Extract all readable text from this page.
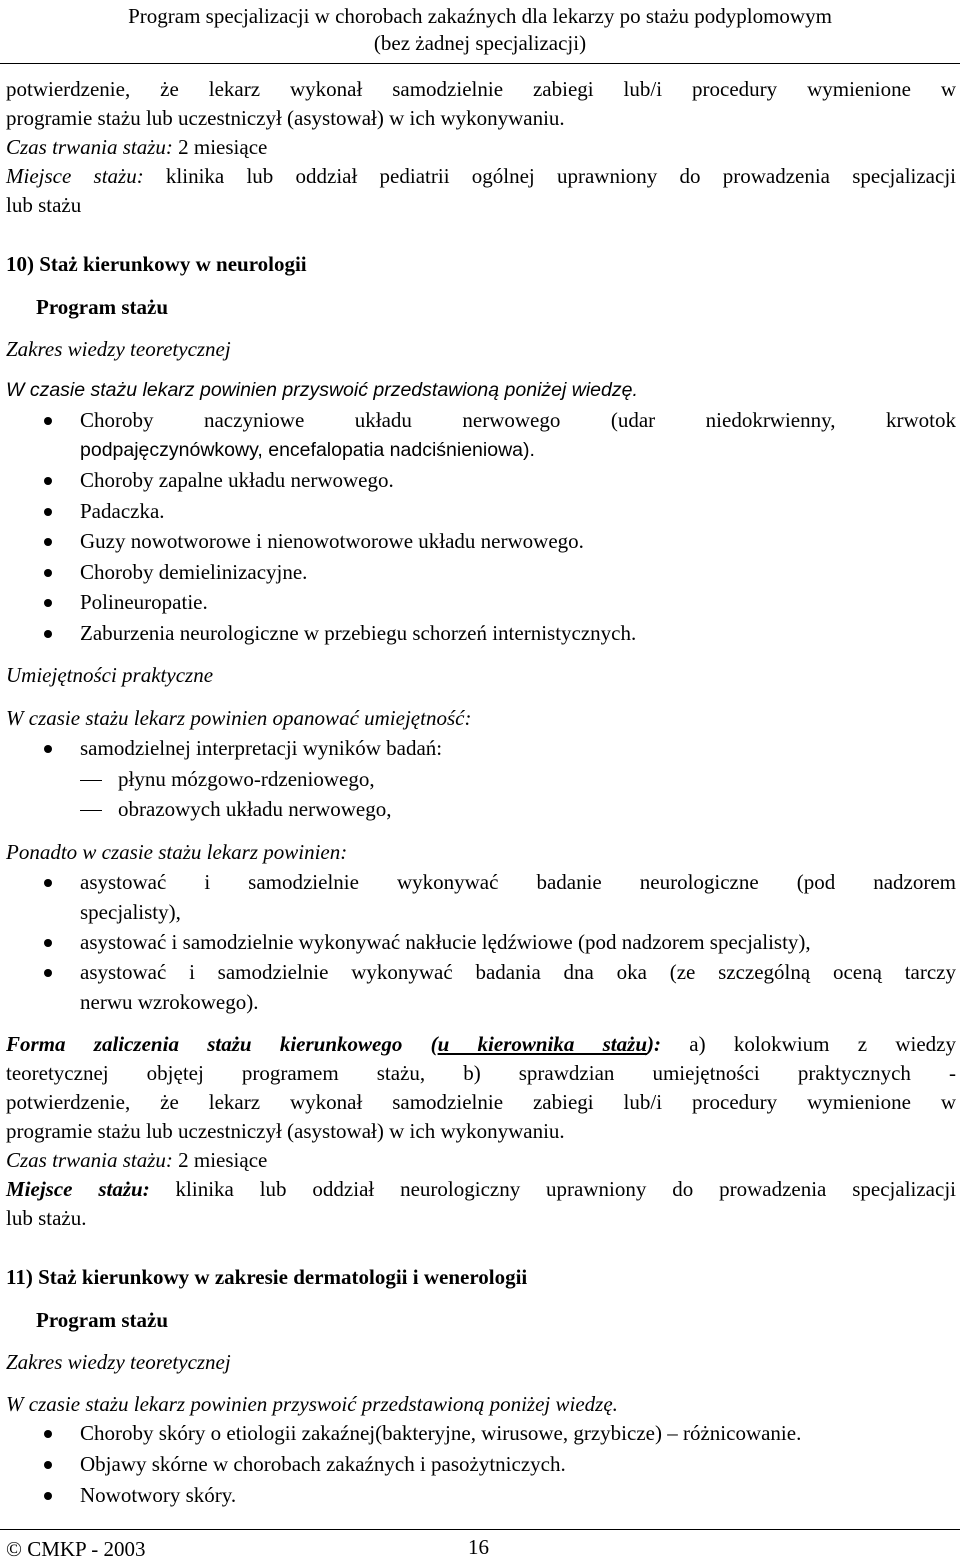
Program specjalizacji w chorobach zakaźnych dla lekarzy po stażu podyplomowym
(bez żadnej specjalizacji)
potwierdzenie, że lekarz wykonał samodzielnie zabiegi lub/i procedury wymienione w
programie stażu lub uczestniczył (asystował) w ich wykonywaniu.
Czas trwania stażu: 2 miesiące
Miejsce stażu: klinika lub oddział pediatrii ogólnej uprawniony do prowadzenia specjalizacji
lub stażu
10) Staż kierunkowy w neurologii
Program stażu
Zakres wiedzy teoretycznej
W czasie stażu lekarz powinien przyswoić przedstawioną poniżej wiedzę.
Choroby naczyniowe układu nerwowego (udar niedokrwienny, krwotok
podpajęczynówkowy, encefalopatia nadciśnieniowa).
Choroby zapalne układu nerwowego.
Padaczka.
Guzy nowotworowe i nienowotworowe układu nerwowego.
Choroby demielinizacyjne.
Polineuropatie.
Zaburzenia neurologiczne w przebiegu schorzeń internistycznych.
Umiejętności praktyczne
W czasie stażu lekarz powinien opanować umiejętność:
samodzielnej interpretacji wyników badań:
płynu mózgowo-rdzeniowego,
obrazowych układu nerwowego,
Ponadto w czasie stażu lekarz powinien:
asystować i samodzielnie wykonywać badanie neurologiczne (pod nadzorem
specjalisty),
asystować i samodzielnie wykonywać nakłucie lędźwiowe (pod nadzorem specjalisty),
asystować i samodzielnie wykonywać badania dna oka (ze szczególną oceną tarczy
nerwu wzrokowego).
Forma zaliczenia stażu kierunkowego (u kierownika stażu): a) kolokwium z wiedzy
teoretycznej objętej programem stażu, b) sprawdzian umiejętności praktycznych -
potwierdzenie, że lekarz wykonał samodzielnie zabiegi lub/i procedury wymienione w
programie stażu lub uczestniczył (asystował) w ich wykonywaniu.
Czas trwania stażu: 2 miesiące
Miejsce stażu: klinika lub oddział neurologiczny uprawniony do prowadzenia specjalizacji
lub stażu.
11) Staż kierunkowy w zakresie dermatologii i wenerologii
Program stażu
Zakres wiedzy teoretycznej
W czasie stażu lekarz powinien przyswoić przedstawioną poniżej wiedzę.
Choroby skóry o etiologii zakaźnej(bakteryjne, wirusowe, grzybicze) – różnicowanie.
Objawy skórne w chorobach zakaźnych i pasożytniczych.
Nowotwory skóry.
© CMKP - 2003	16
